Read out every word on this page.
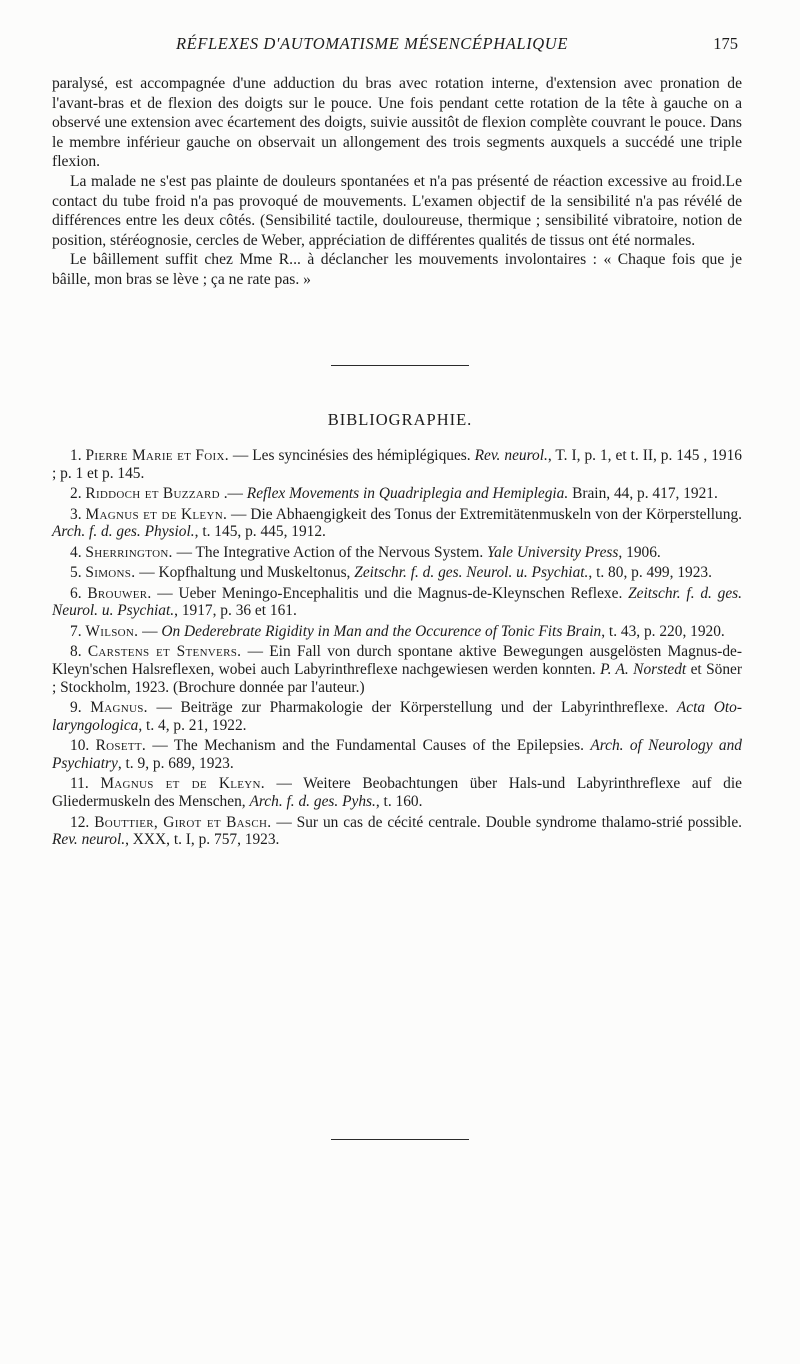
RÉFLEXES D'AUTOMATISME MÉSENCÉPHALIQUE	175

paralysé, est accompagnée d'une adduction du bras avec rotation interne, d'extension avec pronation de l'avant-bras et de flexion des doigts sur le pouce. Une fois pendant cette rotation de la tête à gauche on a observé une extension avec écartement des doigts, suivie aussitôt de flexion complète couvrant le pouce. Dans le membre inférieur gauche on observait un allongement des trois segments auxquels a succédé une triple flexion.

La malade ne s'est pas plainte de douleurs spontanées et n'a pas présenté de réaction excessive au froid.Le contact du tube froid n'a pas provoqué de mouvements. L'examen objectif de la sensibilité n'a pas révélé de différences entre les deux côtés. (Sensibilité tactile, douloureuse, thermique ; sensibilité vibratoire, notion de position, stéréognosie, cercles de Weber, appréciation de différentes qualités de tissus ont été normales.

Le bâillement suffit chez Mme R... à déclancher les mouvements involontaires : « Chaque fois que je bâille, mon bras se lève ; ça ne rate pas. »

BIBLIOGRAPHIE.

1. Pierre Marie et Foix. — Les syncinésies des hémiplégiques. Rev. neurol., T. I, p. 1, et t. II, p. 145 , 1916 ; p. 1 et p. 145.

2. Riddoch et Buzzard .— Reflex Movements in Quadriplegia and Hemiplegia. Brain, 44, p. 417, 1921.

3. Magnus et de Kleyn. — Die Abhaengigkeit des Tonus der Extremitätenmuskeln von der Körperstellung. Arch. f. d. ges. Physiol., t. 145, p. 445, 1912.

4. Sherrington. — The Integrative Action of the Nervous System. Yale University Press, 1906.

5. Simons. — Kopfhaltung und Muskeltonus, Zeitschr. f. d. ges. Neurol. u. Psychiat., t. 80, p. 499, 1923.

6. Brouwer. — Ueber Meningo-Encephalitis und die Magnus-de-Kleynschen Reflexe. Zeitschr. f. d. ges. Neurol. u. Psychiat., 1917, p. 36 et 161.

7. Wilson. — On Dederebrate Rigidity in Man and the Occurence of Tonic Fits Brain, t. 43, p. 220, 1920.

8. Carstens et Stenvers. — Ein Fall von durch spontane aktive Bewegungen ausgelösten Magnus-de-Kleyn'schen Halsreflexen, wobei auch Labyrinthreflexe nachgewiesen werden konnten. P. A. Norstedt et Söner ; Stockholm, 1923. (Brochure donnée par l'auteur.)

9. Magnus. — Beiträge zur Pharmakologie der Körperstellung und der Labyrinthreflexe. Acta Oto-laryngologica, t. 4, p. 21, 1922.

10. Rosett. — The Mechanism and the Fundamental Causes of the Epilepsies. Arch. of Neurology and Psychiatry, t. 9, p. 689, 1923.

11. Magnus et de Kleyn. — Weitere Beobachtungen über Hals-und Labyrinthreflexe auf die Gliedermuskeln des Menschen, Arch. f. d. ges. Pyhs., t. 160.

12. Bouttier, Girot et Basch. — Sur un cas de cécité centrale. Double syndrome thalamo-strié possible. Rev. neurol., XXX, t. I, p. 757, 1923.
